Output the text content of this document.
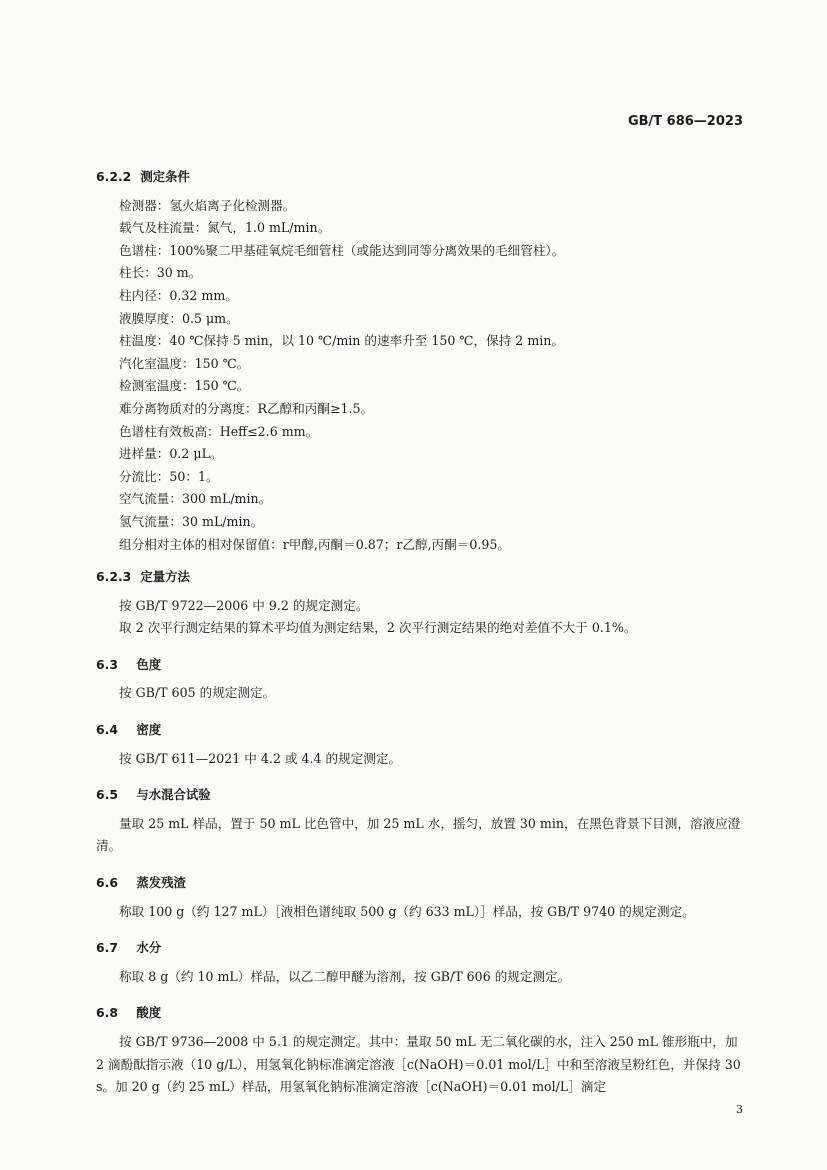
GB/T 686—2023
6.2.2 测定条件
检测器：氢火焰离子化检测器。
载气及柱流量：氮气，1.0 mL/min。
色谱柱：100%聚二甲基硅氧烷毛细管柱（或能达到同等分离效果的毛细管柱）。
柱长：30 m。
柱内径：0.32 mm。
液膜厚度：0.5 μm。
柱温度：40 ℃保持 5 min，以 10 ℃/min 的速率升至 150 ℃，保持 2 min。
汽化室温度：150 ℃。
检测室温度：150 ℃。
难分离物质对的分离度：R乙醇和丙酮≥1.5。
色谱柱有效板高：Heff≤2.6 mm。
进样量：0.2 μL。
分流比：50：1。
空气流量：300 mL/min。
氢气流量：30 mL/min。
组分相对主体的相对保留值：r甲醇,丙酮＝0.87；r乙醇,丙酮＝0.95。
6.2.3 定量方法
按 GB/T 9722—2006 中 9.2 的规定测定。
取 2 次平行测定结果的算术平均值为测定结果，2 次平行测定结果的绝对差值不大于 0.1%。
6.3 色度
按 GB/T 605 的规定测定。
6.4 密度
按 GB/T 611—2021 中 4.2 或 4.4 的规定测定。
6.5 与水混合试验
量取 25 mL 样品，置于 50 mL 比色管中，加 25 mL 水，摇匀，放置 30 min，在黑色背景下目测，溶液应澄清。
6.6 蒸发残渣
称取 100 g（约 127 mL）［液相色谱纯取 500 g（约 633 mL）］样品，按 GB/T 9740 的规定测定。
6.7 水分
称取 8 g（约 10 mL）样品，以乙二醇甲醚为溶剂，按 GB/T 606 的规定测定。
6.8 酸度
按 GB/T 9736—2008 中 5.1 的规定测定。其中：量取 50 mL 无二氧化碳的水，注入 250 mL 锥形瓶中，加 2 滴酚酞指示液（10 g/L），用氢氧化钠标准滴定溶液［c(NaOH)＝0.01 mol/L］中和至溶液呈粉红色，并保持 30 s。加 20 g（约 25 mL）样品，用氢氧化钠标准滴定溶液［c(NaOH)＝0.01 mol/L］滴定
3
